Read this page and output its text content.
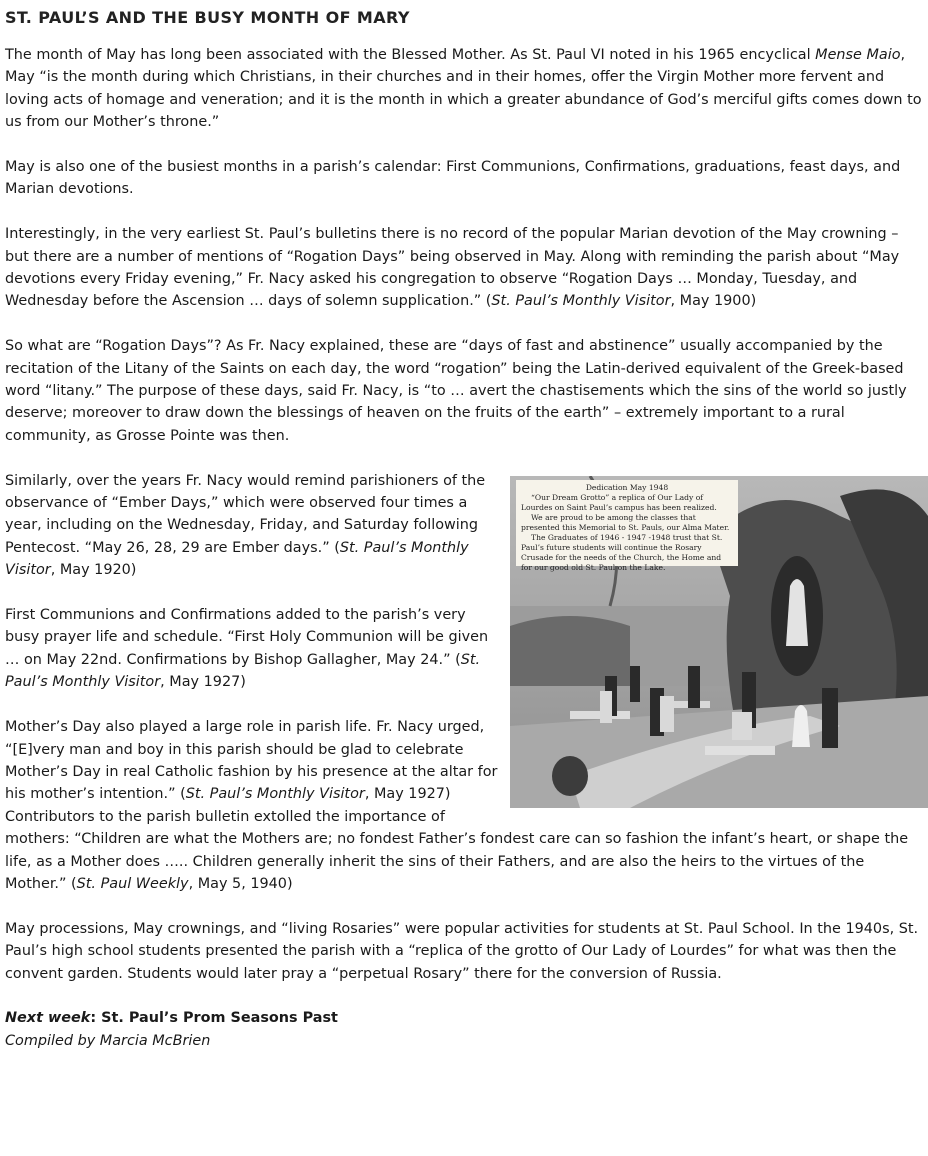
ST. PAUL’S AND THE BUSY MONTH OF MARY

The month of May has long been associated with the Blessed Mother. As St. Paul VI noted in his 1965 encyclical Mense Maio, May “is the month during which Christians, in their churches and in their homes, offer the Virgin Mother more fervent and loving acts of homage and veneration; and it is the month in which a greater abundance of God’s merciful gifts comes down to us from our Mother’s throne.”

May is also one of the busiest months in a parish’s calendar: First Communions, Confirmations, graduations, feast days, and Marian devotions.

Interestingly, in the very earliest St. Paul’s bulletins there is no record of the popular Marian devotion of the May crowning – but there are a number of mentions of “Rogation Days” being observed in May. Along with reminding the parish about “May devotions every Friday evening,” Fr. Nacy asked his congregation to observe “Rogation Days … Monday, Tuesday, and Wednesday before the Ascension … days of solemn supplication.” (St. Paul’s Monthly Visitor, May 1900)

So what are “Rogation Days”? As Fr. Nacy explained, these are “days of fast and abstinence” usually accompanied by the recitation of the Litany of the Saints on each day, the word “rogation” being the Latin-derived equivalent of the Greek-based word “litany.” The purpose of these days, said Fr. Nacy, is “to … avert the chastisements which the sins of the world so justly deserve; moreover to draw down the blessings of heaven on the fruits of the earth” – extremely important to a rural community, as Grosse Pointe was then.

Dedication May 1948
“Our Dream Grotto” a replica of Our Lady of Lourdes on Saint Paul’s campus has been realized.
We are proud to be among the classes that presented this Memorial to St. Pauls, our Alma Mater.
The Graduates of 1946 - 1947 -1948 trust that St. Paul’s future students will continue the Rosary Crusade for the needs of the Church, the Home and for our good old St. Paul on the Lake.

Similarly, over the years Fr. Nacy would remind parishioners of the observance of “Ember Days,” which were observed four times a year, including on the Wednesday, Friday, and Saturday following Pentecost. “May 26, 28, 29 are Ember days.” (St. Paul’s Monthly Visitor, May 1920)

First Communions and Confirmations added to the parish’s very busy prayer life and schedule. “First Holy Communion will be given … on May 22nd. Confirmations by Bishop Gallagher, May 24.” (St. Paul’s Monthly Visitor, May 1927)

Mother’s Day also played a large role in parish life. Fr. Nacy urged, “[E]very man and boy in this parish should be glad to celebrate Mother’s Day in real Catholic fashion by his presence at the altar for his mother’s intention.” (St. Paul’s Monthly Visitor, May 1927) Contributors to the parish bulletin extolled the importance of mothers: “Children are what the Mothers are; no fondest Father’s fondest care can so fashion the infant’s heart, or shape the life, as a Mother does ….. Children generally inherit the sins of their Fathers, and are also the heirs to the virtues of the Mother.” (St. Paul Weekly, May 5, 1940)

May processions, May crownings, and “living Rosaries” were popular activities for students at St. Paul School. In the 1940s, St. Paul’s high school students presented the parish with a “replica of the grotto of Our Lady of Lourdes” for what was then the convent garden. Students would later pray a “perpetual Rosary” there for the conversion of Russia.

Next week: St. Paul’s Prom Seasons Past

Compiled by Marcia McBrien
